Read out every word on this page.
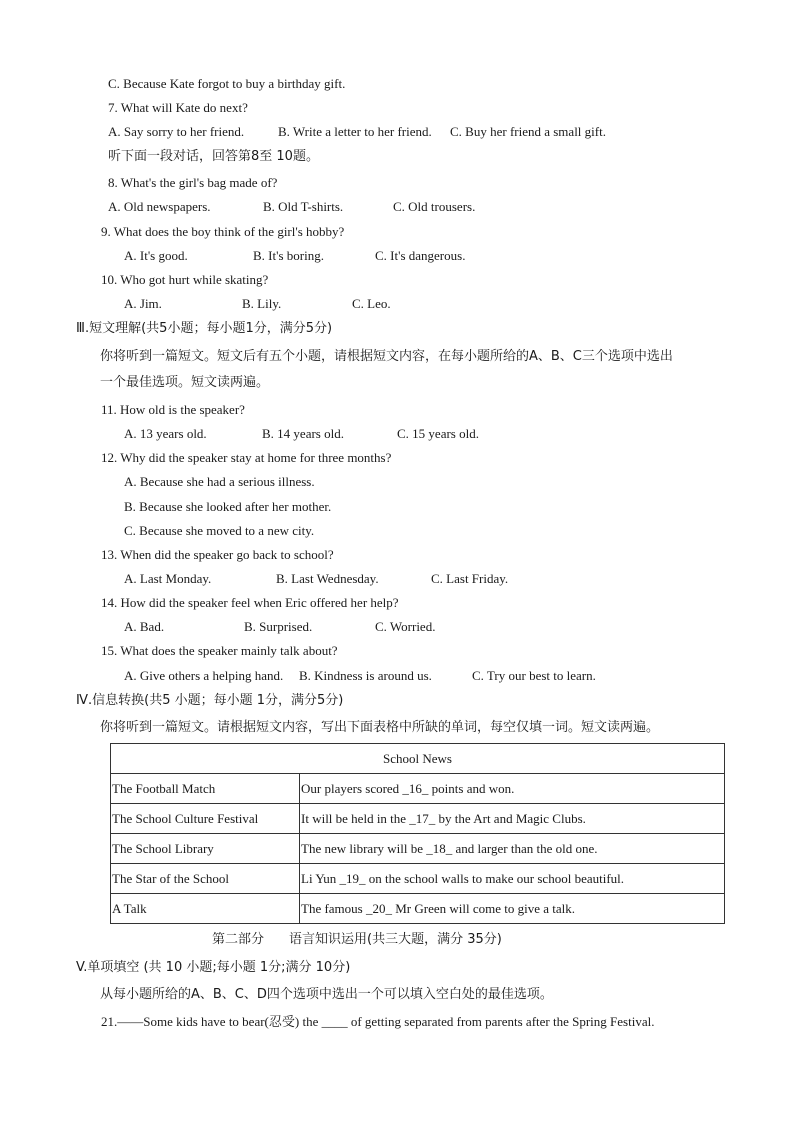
C. Because Kate forgot to buy a birthday gift.
7. What will Kate do next?
A. Say sorry to her friend.	B. Write a letter to her friend. C. Buy her friend a small gift.
听下面一段对话，回答第8至 10题。
8. What's the girl's bag made of?
A. Old newspapers.	B. Old T-shirts.	C. Old trousers.
9. What does the boy think of the girl's hobby?
A. It's good.	B. It's boring.	C. It's dangerous.
10. Who got hurt while skating?
A. Jim.	B. Lily.	C. Leo.
Ⅲ.短文理解(共5小题；每小题1分，满分5分)
你将听到一篇短文。短文后有五个小题，请根据短文内容，在每小题所给的A、B、C三个选项中选出
一个最佳选项。短文读两遍。
11. How old is the speaker?
A. 13 years old.	B. 14 years old.	C. 15 years old.
12. Why did the speaker stay at home for three months?
A. Because she had a serious illness.
B. Because she looked after her mother.
C. Because she moved to a new city.
13. When did the speaker go back to school?
A. Last Monday.	B. Last Wednesday.	C. Last Friday.
14. How did the speaker feel when Eric offered her help?
A. Bad.	B. Surprised.	C. Worried.
15. What does the speaker mainly talk about?
A. Give others a helping hand. B. Kindness is around us.	C. Try our best to learn.
Ⅳ.信息转换(共5 小题；每小题 1分，满分5分)
你将听到一篇短文。请根据短文内容，写出下面表格中所缺的单词，每空仅填一词。短文读两遍。
School News	
The Football Match	Our players scored _16_ points and won.
The School Culture Festival	It will be held in the _17_ by the Art and Magic Clubs.
The School Library	The new library will be _18_ and larger than the old one.
The Star of the School	Li Yun _19_ on the school walls to make our school beautiful.
A Talk	The famous _20_ Mr Green will come to give a talk.
第二部分 语言知识运用(共三大题，满分 35分)
V.单项填空 (共 10 小题;每小题 1分;满分 10分)
从每小题所给的A、B、C、D四个选项中选出一个可以填入空白处的最佳选项。
21.——Some kids have to bear(忍受) the ____ of getting separated from parents after the Spring Festival.
